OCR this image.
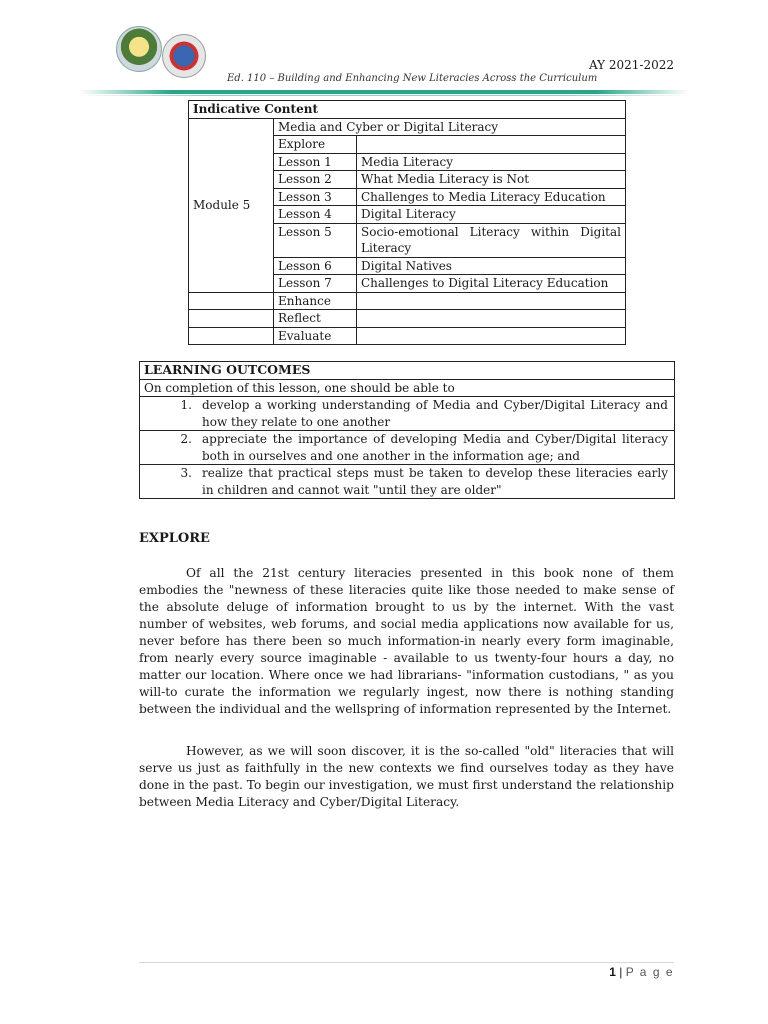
AY 2021-2022
Ed. 110 – Building and Enhancing New Literacies Across the Curriculum
Indicative Content		
Module 5	Media and Cyber or Digital Literacy	
	Explore	
	Lesson 1	Media Literacy
	Lesson 2	What Media Literacy is Not
	Lesson 3	Challenges to Media Literacy Education
	Lesson 4	Digital Literacy
	Lesson 5	Socio-emotional Literacy within Digital Literacy
	Lesson 6	Digital Natives
	Lesson 7	Challenges to Digital Literacy Education
	Enhance	
	Reflect	
	Evaluate	
LEARNING OUTCOMES
On completion of this lesson, one should be able to

1. develop a working understanding of Media and Cyber/Digital Literacy and how they relate to one another

2. appreciate the importance of developing Media and Cyber/Digital literacy both in ourselves and one another in the information age; and

3. realize that practical steps must be taken to develop these literacies early in children and cannot wait "until they are older"
EXPLORE
Of all the 21st century literacies presented in this book none of them embodies the "newness of these literacies quite like those needed to make sense of the absolute deluge of information brought to us by the internet. With the vast number of websites, web forums, and social media applications now available for us, never before has there been so much information-in nearly every form imaginable, from nearly every source imaginable - available to us twenty-four hours a day, no matter our location. Where once we had librarians- "information custodians, " as you will-to curate the information we regularly ingest, now there is nothing standing between the individual and the wellspring of information represented by the Internet.
However, as we will soon discover, it is the so-called "old" literacies that will serve us just as faithfully in the new contexts we find ourselves today as they have done in the past. To begin our investigation, we must first understand the relationship between Media Literacy and Cyber/Digital Literacy.
1 | P a g e
